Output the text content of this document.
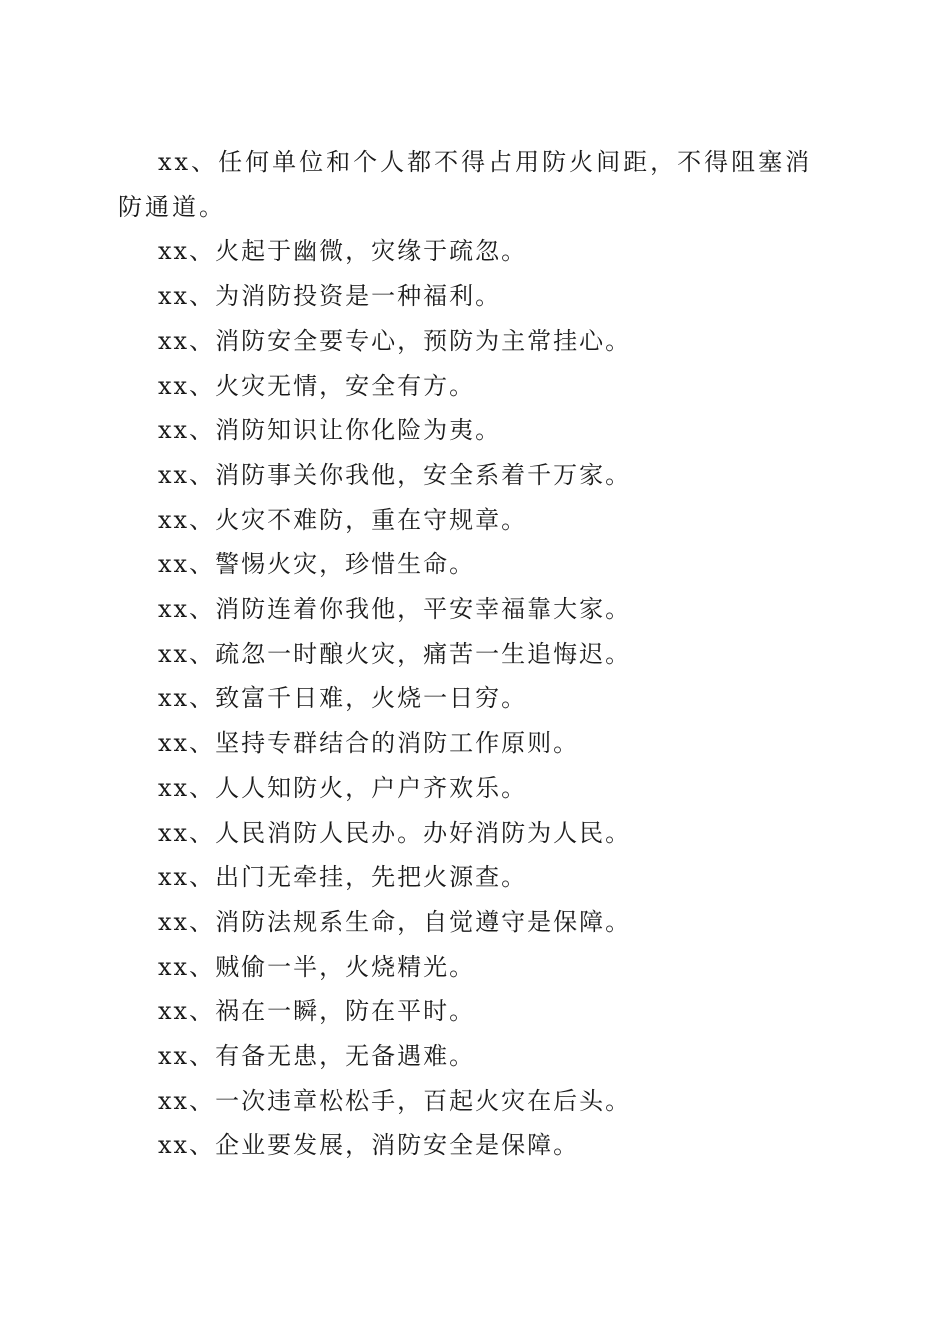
xx、任何单位和个人都不得占用防火间距，不得阻塞消防通道。

xx、火起于幽微，灾缘于疏忽。

xx、为消防投资是一种福利。

xx、消防安全要专心，预防为主常挂心。

xx、火灾无情，安全有方。

xx、消防知识让你化险为夷。

xx、消防事关你我他，安全系着千万家。

xx、火灾不难防，重在守规章。

xx、警惕火灾，珍惜生命。

xx、消防连着你我他，平安幸福靠大家。

xx、疏忽一时酿火灾，痛苦一生追悔迟。

xx、致富千日难，火烧一日穷。

xx、坚持专群结合的消防工作原则。

xx、人人知防火，户户齐欢乐。

xx、人民消防人民办。办好消防为人民。

xx、出门无牵挂，先把火源查。

xx、消防法规系生命，自觉遵守是保障。

xx、贼偷一半，火烧精光。

xx、祸在一瞬，防在平时。

xx、有备无患，无备遇难。

xx、一次违章松松手，百起火灾在后头。

xx、企业要发展，消防安全是保障。
